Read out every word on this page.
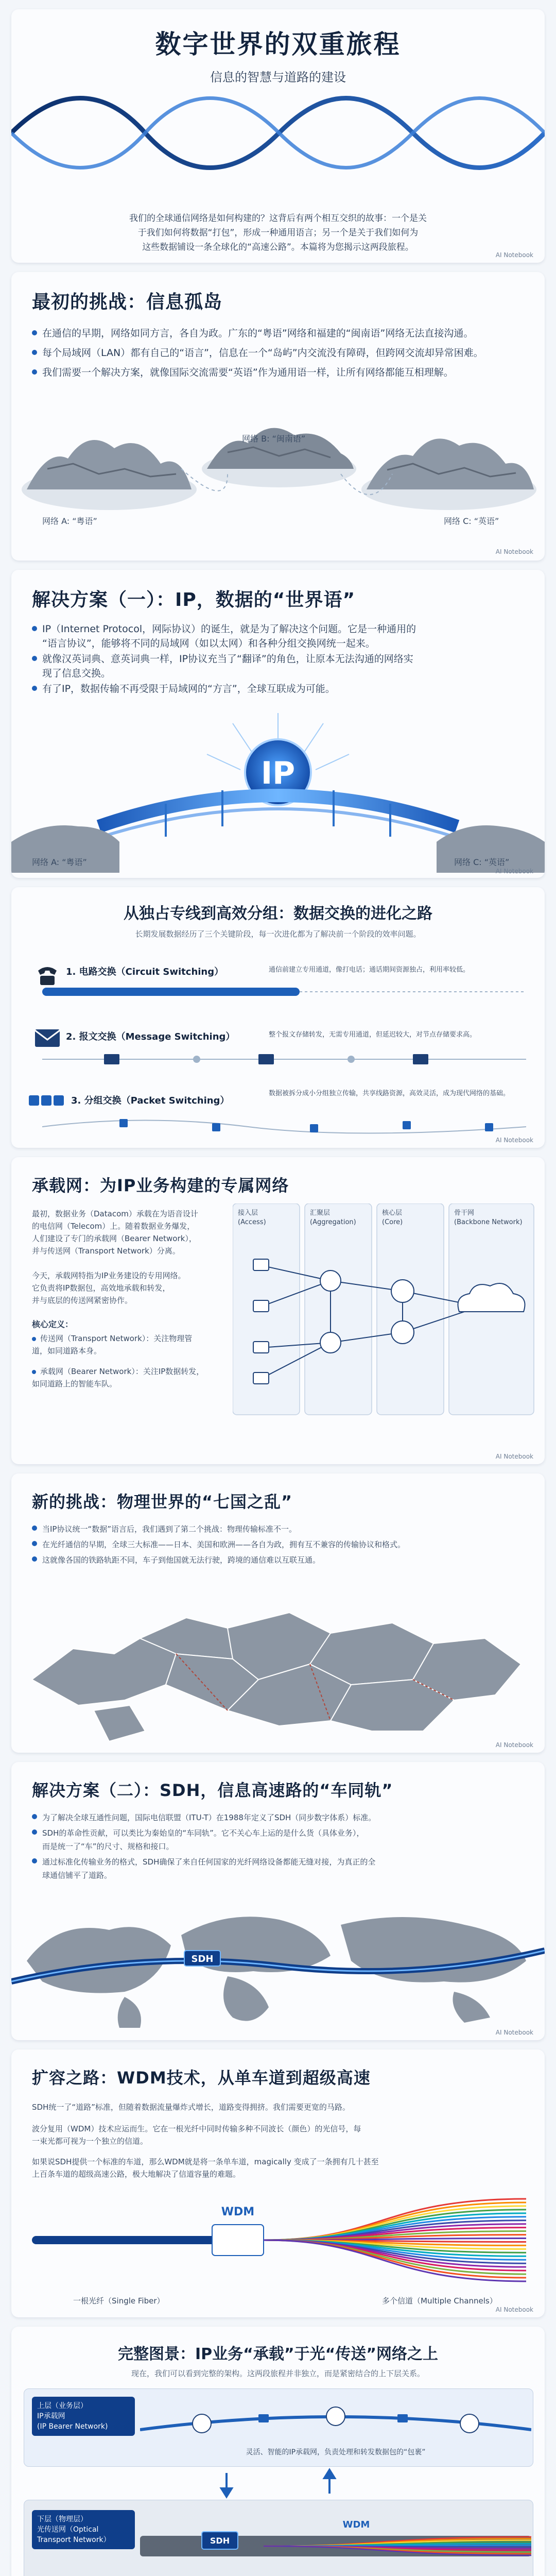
数字世界的双重旅程
信息的智慧与道路的建设
我们的全球通信网络是如何构建的？这背后有两个相互交织的故事：一个是关
于我们如何将数据“打包”，形成一种通用语言；另一个是关于我们如何为
这些数据铺设一条全球化的“高速公路”。本篇将为您揭示这两段旅程。
AI Notebook
最初的挑战：信息孤岛
在通信的早期，网络如同方言，各自为政。广东的“粤语”网络和福建的“闽南语”网络无法直接沟通。
每个局域网（LAN）都有自己的“语言”，信息在一个“岛屿”内交流没有障碍，但跨网交流却异常困难。
我们需要一个解决方案，就像国际交流需要“英语”作为通用语一样，让所有网络都能互相理解。
网络 A: “粤语”
网络 B: “闽南语”
网络 C: “英语”
AI Notebook
解决方案（一）：IP，数据的“世界语”
IP（Internet Protocol，网际协议）的诞生，就是为了解决这个问题。它是一种通用的
“语言协议”，能够将不同的局域网（如以太网）和各种分组交换网统一起来。
就像汉英词典、意英词典一样，IP协议充当了“翻译”的角色，让原本无法沟通的网络实
现了信息交换。
有了IP，数据传输不再受限于局域网的“方言”，全球互联成为可能。
IP
网络 A: “粤语”	网络 C: “英语”
AI Notebook
从独占专线到高效分组：数据交换的进化之路
长期发展数据经历了三个关键阶段，每一次进化都为了解决前一个阶段的效率问题。
1. 电路交换（Circuit Switching）	通信前建立专用通道，像打电话；通话期间资源独占，利用率较低。
2. 报文交换（Message Switching）	整个报文存储转发，无需专用通道，但延迟较大，对节点存储要求高。
3. 分组交换（Packet Switching）
数据被拆分成小分组独立传输，共享线路资源，高效灵活，成为现代网络的基础。
AI Notebook
承载网：为IP业务构建的专属网络
最初，数据业务（Datacom）承载在为语音设计
的电信网（Telecom）上。随着数据业务爆发，
人们建设了专门的承载网（Bearer Network），
并与传送网（Transport Network）分离。
今天，承载网特指为IP业务建设的专用网络。
它负责将IP数据包，高效地承载和转发，
并与底层的传送网紧密协作。
核心定义：
传送网（Transport Network）：关注物理管道，如同道路本身。
承载网（Bearer Network）：关注IP数据转发，如同道路上的智能车队。
接入层
(Access)
汇聚层
(Aggregation)
核心层
(Core)
骨干网
(Backbone Network)
AI Notebook
新的挑战：物理世界的“七国之乱”
当IP协议统一“数据”语言后，我们遇到了第二个挑战：物理传输标准不一。
在光纤通信的早期，全球三大标准——日本、美国和欧洲——各自为政，拥有互不兼容的传输协议和格式。
这就像各国的铁路轨距不同，车子到他国就无法行驶，跨境的通信难以互联互通。
AI Notebook
解决方案（二）：SDH，信息高速路的“车同轨”
为了解决全球互通性问题，国际电信联盟（ITU-T）在1988年定义了SDH（同步数字体系）标准。
SDH的革命性贡献，可以类比为秦始皇的“车同轨”。它不关心车上运的是什么货（具体业务），
而是统一了“车”的尺寸、规格和接口。
通过标准化传输业务的格式，SDH确保了来自任何国家的光纤网络设备都能无缝对接，为真正的全
球通信铺平了道路。
SDH
AI Notebook
扩容之路：WDM技术，从单车道到超级高速
SDH统一了“道路”标准，但随着数据流量爆炸式增长，道路变得拥挤。我们需要更宽的马路。
波分复用（WDM）技术应运而生。它在一根光纤中同时传输多种不同波长（颜色）的光信号，每
一束光都可视为一个独立的信道。
如果说SDH提供一个标准的车道，那么WDM就是将一条单车道，magically 变成了一条拥有几十甚至
上百条车道的超级高速公路，极大地解决了信道容量的难题。
WDM
一根光纤（Single Fiber）	多个信道（Multiple Channels）
AI Notebook
完整图景：IP业务“承载”于光“传送”网络之上
现在，我们可以看到完整的架构。这两段旅程并非独立，而是紧密结合的上下层关系。
上层（业务层）
IP承载网
(IP Bearer Network)
灵活、智能的IP承载网，负责处理和转发数据包的“包裹”
下层（物理层）
光传送网（Optical
Transport Network）	SDH
WDM
